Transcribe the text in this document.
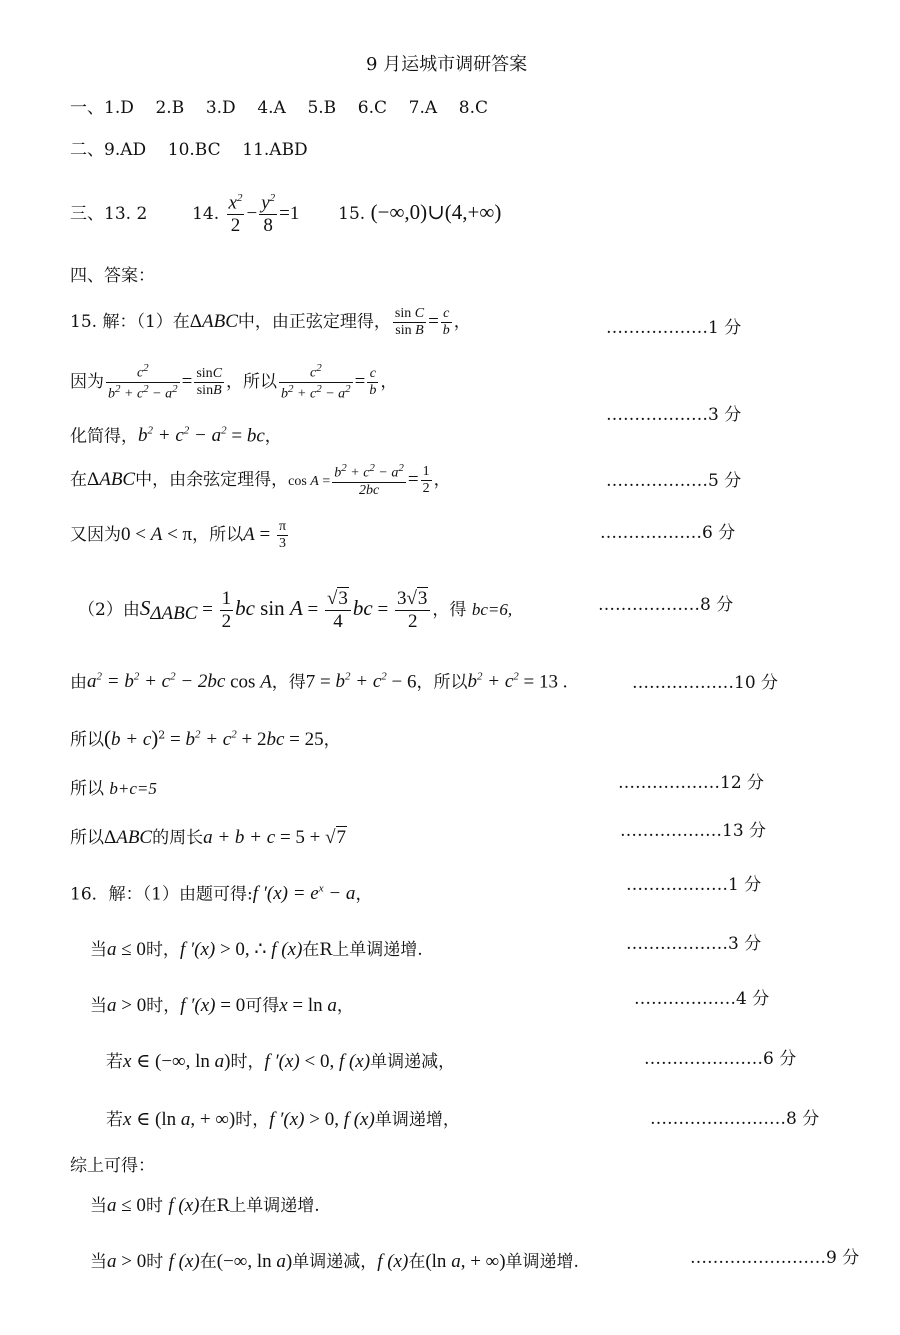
9 月运城市调研答案
一、1.D 2.B 3.D 4.A 5.B 6.C 7.A 8.C
二、9.AD 10.BC 11.ABD
三、13. 2	14. $\frac{x^2}{2} - \frac{y^2}{8} =1$ 15. (−∞,0)∪(4,+∞)
四、答案：
15. 解：（1）在ΔABC中，由正弦定理得， $\frac{\text{sin C}}{\text{sin B}} = \frac{c}{b}$ ，	………………1 分
因为 $\frac{c^2}{b^2 + c^2 - a^2} = \frac{\sin C}{\sin B}$ ，所以 $\frac{c^2}{b^2 + c^2 - a^2} = \frac{c}{b}$ ，
………………3 分
化简得，$b^2 + c^2 - a^2$ = bc，
在ΔABC中，由余弦定理得，$\cos A = \frac{b^2 + c^2 - a^2}{2bc} = \frac{1}{2}$ ，	………………5 分
又因为0 < A < π，所以$A = \frac{\pi}{3}$	………………6 分
（2）由$S_{\Delta ABC} = \frac{1}{2}$ bc $\sin A = \frac{√3}{4}$ bc = $\frac{3√3}{2}$ ，得 bc=6,	………………8 分
由$a^2 = b^2 + c^2 - 2bc$ cos A，得$7 = b^2 + c^2 - 6$，所以$b^2 + c^2 = 13$ .	………………10 分
所以$(b + c)^2 = b^2 + c^2 + 2bc = 25$，
所以 b+c=5	………………12 分
所以ΔABC的周长a + b + c = 5 + √7	………………13 分
16．解：（1）由题可得:f $'(x) = e^x - a$，	………………1 分
当a ≤ 0时，f ′(x) > 0, ∴ f (x)在R上单调递增.	………………3 分
当a > 0时，f ′(x) = 0可得x = ln a，	………………4 分
若x ∈ (−∞, ln a)时，f ′(x) < 0, f (x)单调递减，	…………………6 分
若x ∈ (ln a, + ∞)时，f ′(x) > 0, f (x)单调递增，	……………………8 分
综上可得：
当a ≤ 0时 f (x)在R上单调递增.
当a > 0时 f (x)在(−∞, ln a)单调递减，f (x)在(ln a, + ∞)单调递增.	……………………9 分
